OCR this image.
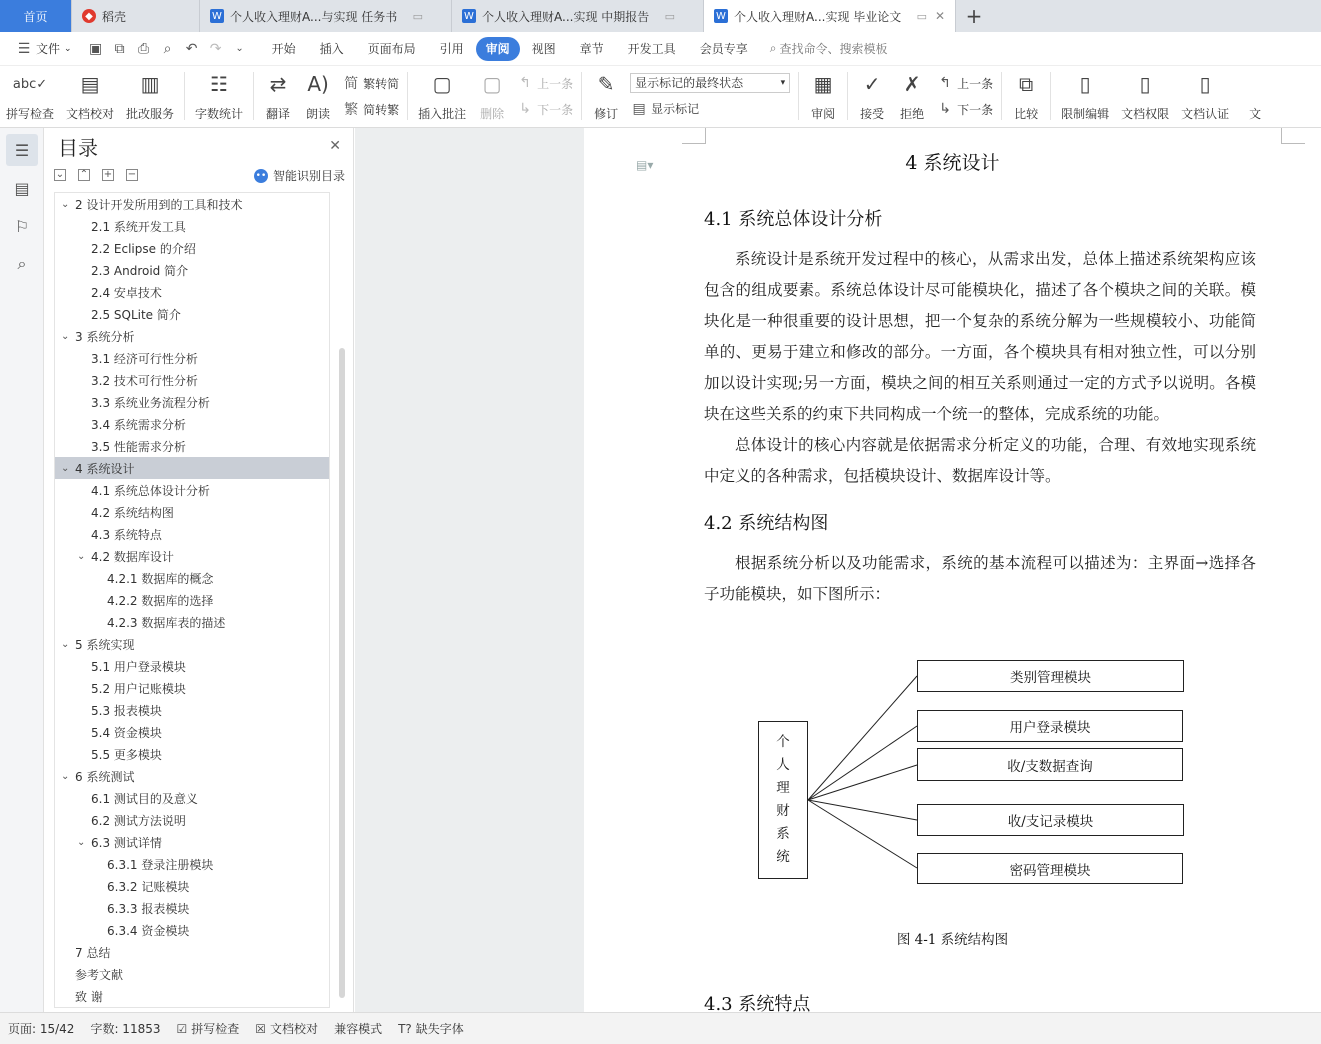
首页	◆ 稻壳	W 个人收入理财A...与实现 任务书 ▭	W 个人收入理财A...实现 中期报告 ▭	W 个人收入理财A...实现 毕业论文 ▭ ✕	+
☰ 文件 ⌄	▣ ⧉ ⎙	⌕	↶ ↷	⌄	开始	插入	页面布局	引用	审阅	视图	章节	开发工具	会员专享	⌕ 查找命令、搜索模板
abc✓
拼写检查
▤
文档校对
▥
批改服务
☷
字数统计
⇄
翻译
A)
朗读
简 繁转简
繁 简转繁
▢
插入批注
▢
删除
↰ 上一条
↳ 下一条
✎
修订
显示标记的最终状态	▾
▤ 显示标记
▦
审阅
✓
接受
✗
拒绝
↰ 上一条
↳ 下一条
⧉
比较
▯
限制编辑
▯
文档权限
▯
文档认证 文
☰
▤
⚐
⌕
目录	✕
⌄ ⌃ + −	•• 智能识别目录
⌄ 2 设计开发所用到的工具和技术
2.1 系统开发工具
2.2 Eclipse 的介绍
2.3 Android 简介
2.4 安卓技术
2.5 SQLite 简介
⌄ 3 系统分析
3.1 经济可行性分析
3.2 技术可行性分析
3.3 系统业务流程分析
3.4 系统需求分析
3.5 性能需求分析
⌄ 4 系统设计
4.1 系统总体设计分析
4.2 系统结构图
4.3 系统特点
⌄ 4.2 数据库设计
4.2.1 数据库的概念
4.2.2 数据库的选择
4.2.3 数据库表的描述
⌄ 5 系统实现
5.1 用户登录模块
5.2 用户记账模块
5.3 报表模块
5.4 资金模块
5.5 更多模块
⌄ 6 系统测试
6.1 测试目的及意义
6.2 测试方法说明
⌄ 6.3 测试详情
6.3.1 登录注册模块
6.3.2 记账模块
6.3.3 报表模块
6.3.4 资金模块
7 总结
参考文献
致 谢
▤▾	4 系统设计
4.1 系统总体设计分析
系统设计是系统开发过程中的核心，从需求出发，总体上描述系统架构应该包含的组成要素。系统总体设计尽可能模块化，描述了各个模块之间的关联。模块化是一种很重要的设计思想，把一个复杂的系统分解为一些规模较小、功能简单的、更易于建立和修改的部分。一方面，各个模块具有相对独立性，可以分别加以设计实现;另一方面，模块之间的相互关系则通过一定的方式予以说明。各模块在这些关系的约束下共同构成一个统一的整体，完成系统的功能。
总体设计的核心内容就是依据需求分析定义的功能，合理、有效地实现系统中定义的各种需求，包括模块设计、数据库设计等。
4.2 系统结构图
根据系统分析以及功能需求，系统的基本流程可以描述为：主界面→选择各子功能模块，如下图所示：
个
人
理
财
系
统
类别管理模块
用户登录模块
收/支数据查询
收/支记录模块
密码管理模块
图 4-1 系统结构图
4.3 系统特点
页面: 15/42	字数: 11853	☑ 拼写检查 ☒ 文档校对	兼容模式	T? 缺失字体
